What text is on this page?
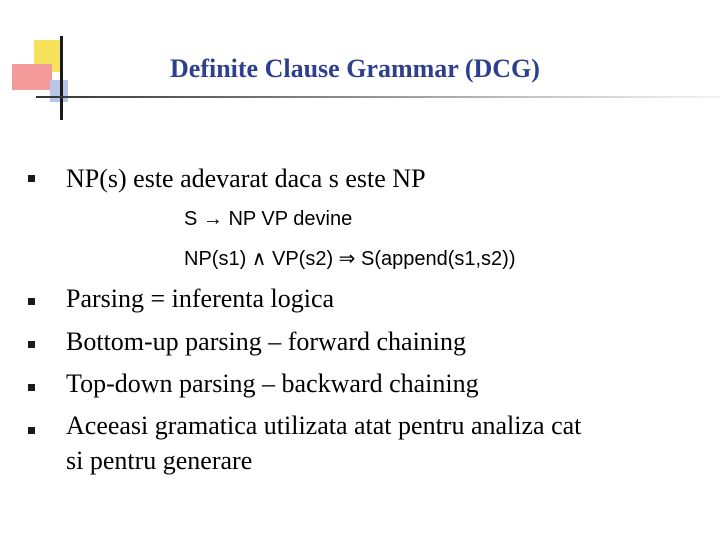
Definite Clause Grammar (DCG)
NP(s) este adevarat daca s este NP
S → NP VP devine
NP(s1) ∧ VP(s2) ⇒ S(append(s1,s2))
Parsing = inferenta logica
Bottom-up parsing – forward chaining
Top-down parsing – backward chaining
Aceeasi gramatica utilizata atat pentru analiza cat
si pentru generare
